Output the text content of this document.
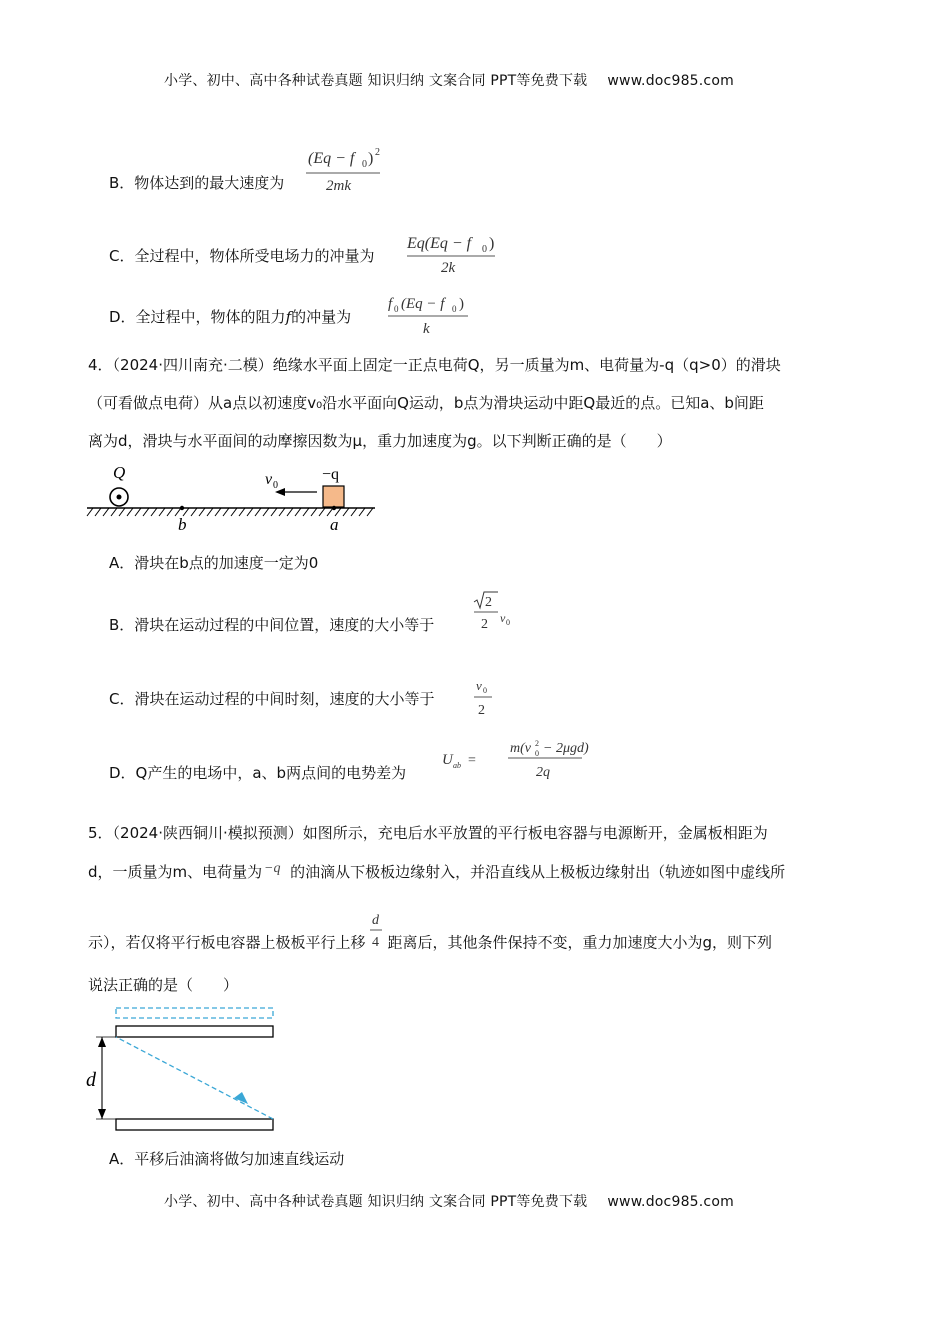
小学、初中、高中各种试卷真题 知识归纳 文案合同 PPT等免费下载 www.doc985.com
B．物体达到的最大速度为
(Eq − f 0 ) 2
2mk
C．全过程中，物体所受电场力的冲量为
Eq(Eq − f 0 )
2k
D．全过程中，物体的阻力f的冲量为
f 0 (Eq − f 0 )
k
4．（2024·四川南充·二模）绝缘水平面上固定一正点电荷Q，另一质量为m、电荷量为-q（q>0）的滑块
（可看做点电荷）从a点以初速度v₀沿水平面向Q运动，b点为滑块运动中距Q最近的点。已知a、b间距
离为d，滑块与水平面间的动摩擦因数为μ，重力加速度为g。以下判断正确的是（　　）
Q
b	a
−q
v 0
A．滑块在b点的加速度一定为0
B．滑块在运动过程的中间位置，速度的大小等于
2
2 v 0
C．滑块在运动过程的中间时刻，速度的大小等于
v 0
2
D．Q产生的电场中，a、b两点间的电势差为
U ab =
m(v 2
0 − 2μgd)
2q
5．（2024·陕西铜川·模拟预测）如图所示，充电后水平放置的平行板电容器与电源断开，金属板相距为
d，一质量为m、电荷量为 −q 的油滴从下极板边缘射入，并沿直线从上极板边缘射出（轨迹如图中虚线所
示），若仅将平行板电容器上极板平行上移
d
4 距离后，其他条件保持不变，重力加速度大小为g，则下列
说法正确的是（　　）
d
A．平移后油滴将做匀加速直线运动
小学、初中、高中各种试卷真题 知识归纳 文案合同 PPT等免费下载 www.doc985.com
